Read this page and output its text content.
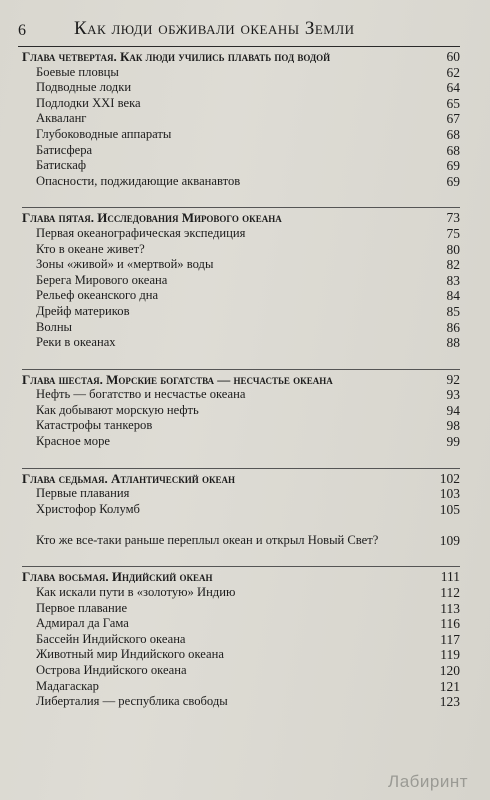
6	Как люди обживали океаны Земли
Глава четвертая. Как люди учились плавать под водой	60
Боевые пловцы	62
Подводные лодки	64
Подлодки XXI века	65
Акваланг	67
Глубоководные аппараты	68
Батисфера	68
Батискаф	69
Опасности, поджидающие акванавтов	69
Глава пятая. Исследования Мирового океана	73
Первая океанографическая экспедиция	75
Кто в океане живет?	80
Зоны «живой» и «мертвой» воды	82
Берега Мирового океана	83
Рельеф океанского дна	84
Дрейф материков	85
Волны	86
Реки в океанах	88
Глава шестая. Морские богатства — несчастье океана	92
Нефть — богатство и несчастье океана	93
Как добывают морскую нефть	94
Катастрофы танкеров	98
Красное море	99
Глава седьмая. Атлантический океан	102
Первые плавания	103
Христофор Колумб	105
Кто же все-таки раньше переплыл океан и открыл Новый Свет?	109
Глава восьмая. Индийский океан	111
Как искали пути в «золотую» Индию	112
Первое плавание	113
Адмирал да Гама	116
Бассейн Индийского океана	117
Животный мир Индийского океана	119
Острова Индийского океана	120
Мадагаскар	121
Либерталия — республика свободы	123
Лабиринт
